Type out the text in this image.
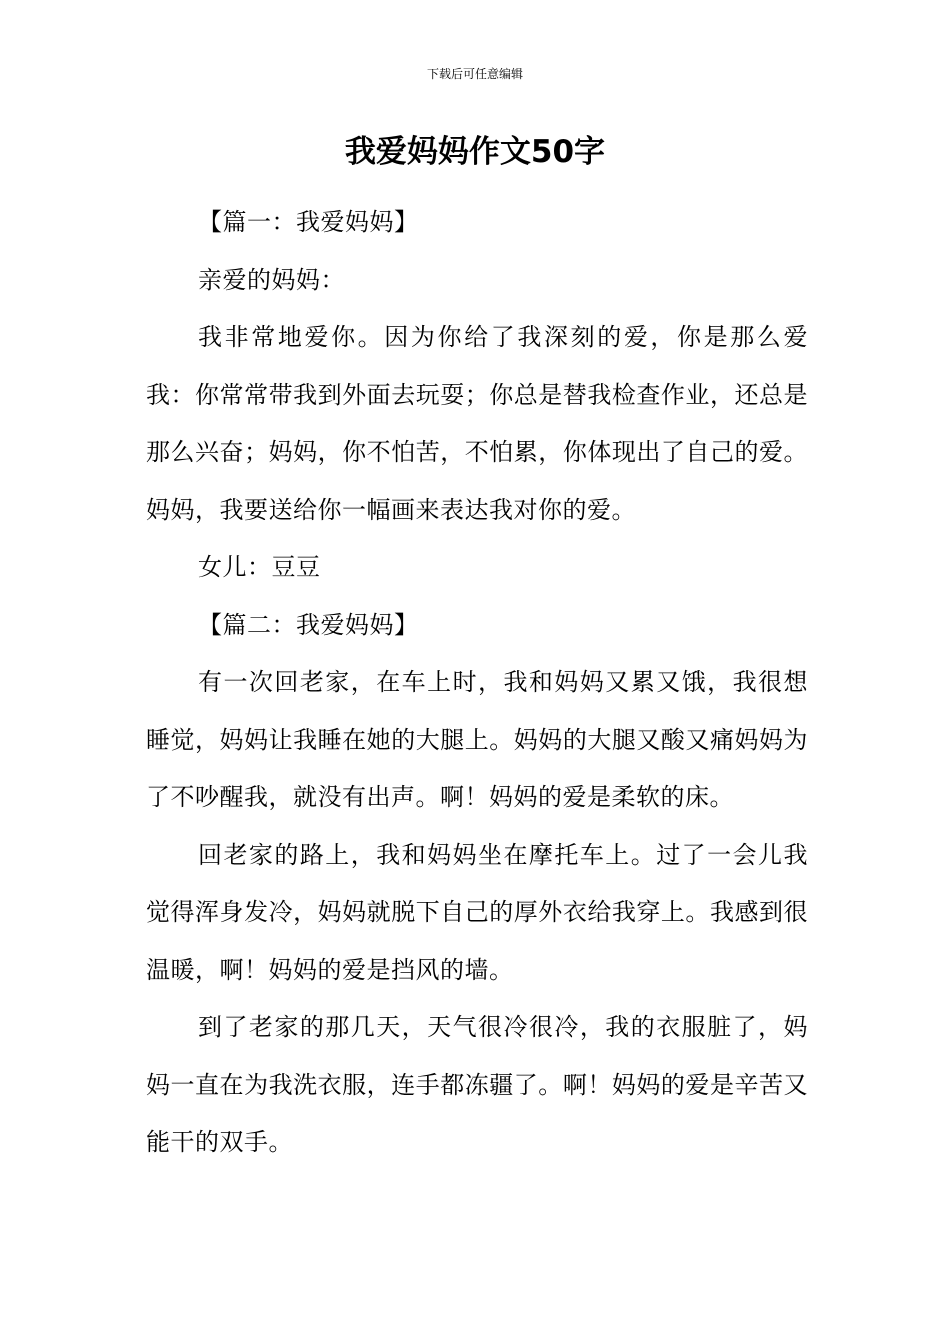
下载后可任意编辑
我爱妈妈作文50字

【篇一：我爱妈妈】

亲爱的妈妈：

我非常地爱你。因为你给了我深刻的爱，你是那么爱我：你常常带我到外面去玩耍；你总是替我检查作业，还总是那么兴奋；妈妈，你不怕苦，不怕累，你体现出了自己的爱。妈妈，我要送给你一幅画来表达我对你的爱。

女儿：豆豆

【篇二：我爱妈妈】

有一次回老家，在车上时，我和妈妈又累又饿，我很想睡觉，妈妈让我睡在她的大腿上。妈妈的大腿又酸又痛妈妈为了不吵醒我，就没有出声。啊！妈妈的爱是柔软的床。

回老家的路上，我和妈妈坐在摩托车上。过了一会儿我觉得浑身发冷，妈妈就脱下自己的厚外衣给我穿上。我感到很温暖，啊！妈妈的爱是挡风的墙。

到了老家的那几天，天气很冷很冷，我的衣服脏了，妈妈一直在为我洗衣服，连手都冻疆了。啊！妈妈的爱是辛苦又能干的双手。
